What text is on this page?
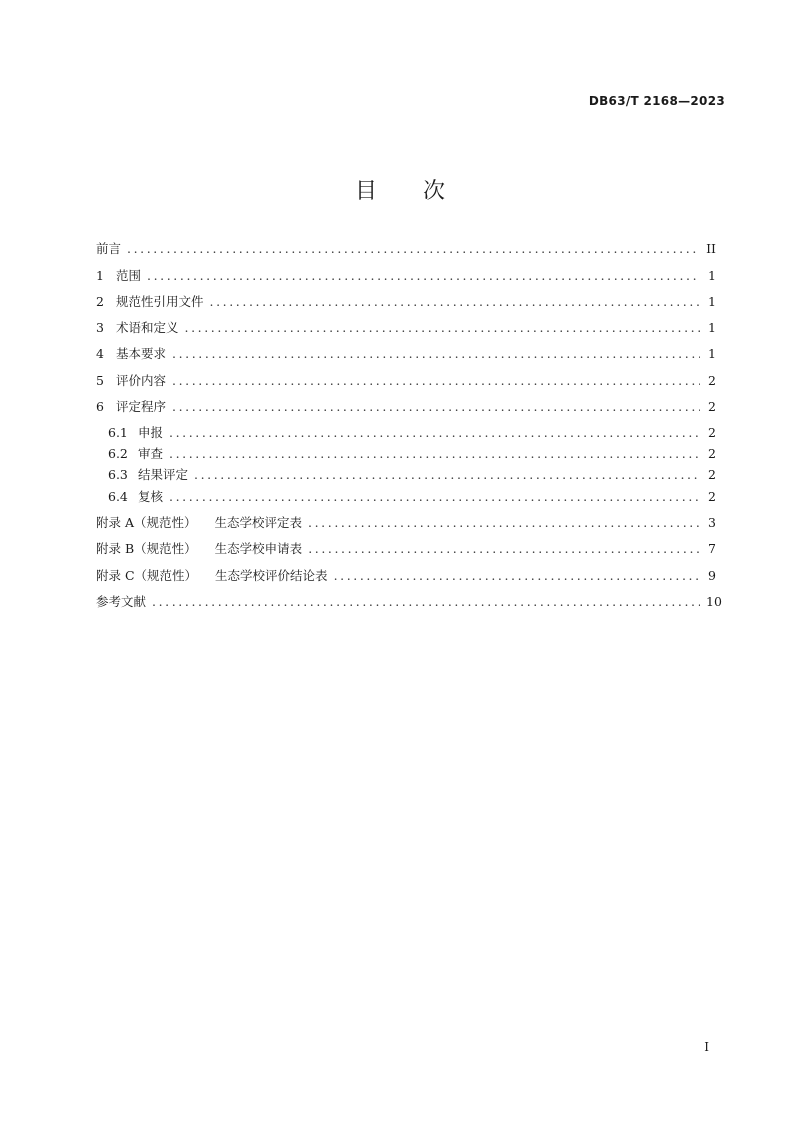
DB63/T 2168—2023
目 次
前言 .....	II
1 范围 .....	1
2 规范性引用文件 .....	1
3 术语和定义 .....	1
4 基本要求 .....	1
5 评价内容 .....	2
6 评定程序 .....	2
6.1 申报 .....	2
6.2 审查 .....	2
6.3 结果评定 .....	2
6.4 复核 .....	2
附录 A（规范性） 生态学校评定表 .....	3
附录 B（规范性） 生态学校申请表 .....	7
附录 C（规范性） 生态学校评价结论表 .....	9
参考文献 .....	10
I
